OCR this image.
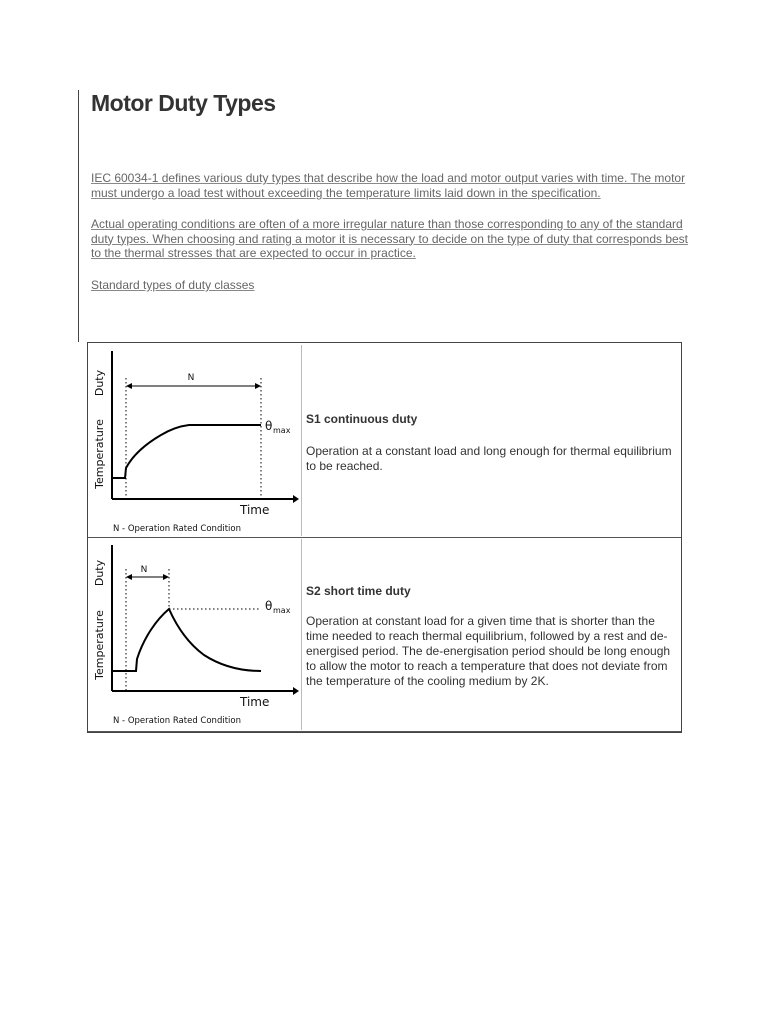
Motor Duty Types

IEC 60034-1 defines various duty types that describe how the load and motor output varies with time. The motor must undergo a load test without exceeding the temperature limits laid down in the specification.

Actual operating conditions are often of a more irregular nature than those corresponding to any of the standard duty types. When choosing and rating a motor it is necessary to decide on the type of duty that corresponds best to the thermal stresses that are expected to occur in practice.

Standard types of duty classes

N
Duty
Temperature	θ max
Time
N - Operation Rated Condition

S1 continuous duty

Operation at a constant load and long enough for thermal equilibrium to be reached.

N
Duty
Temperature
θ max
Time
N - Operation Rated Condition

S2 short time duty

Operation at constant load for a given time that is shorter than the time needed to reach thermal equilibrium, followed by a rest and de-energised period. The de-energisation period should be long enough to allow the motor to reach a temperature that does not deviate from the temperature of the cooling medium by 2K.
